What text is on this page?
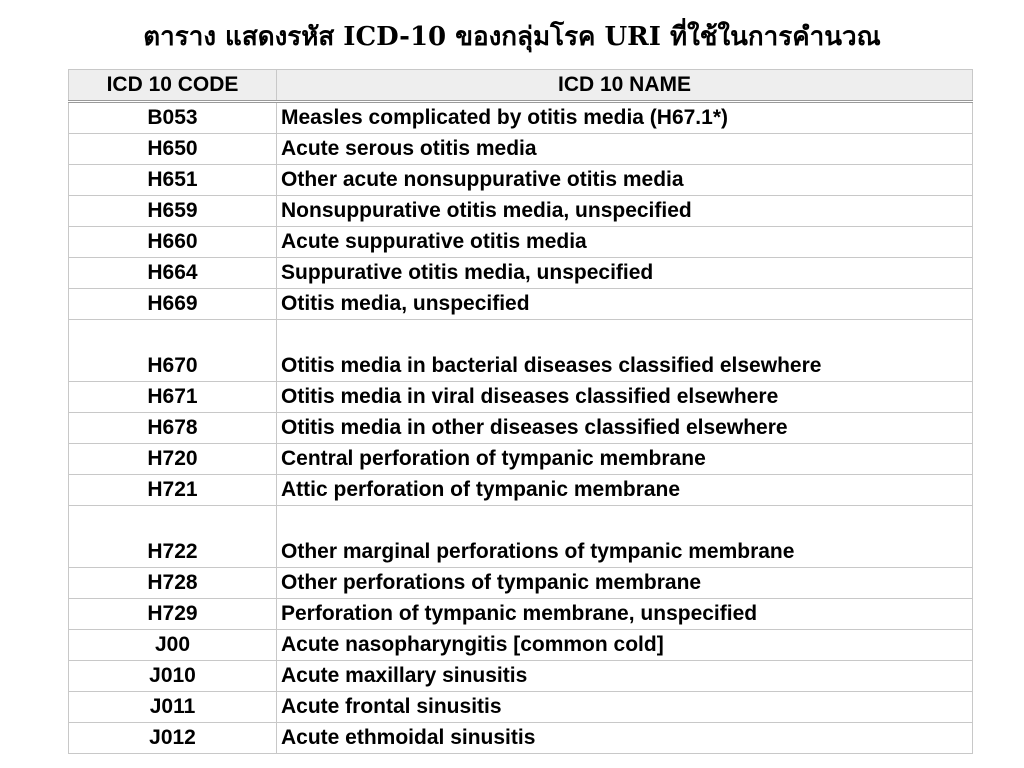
ตาราง แสดงรหัส ICD-10 ของกลุ่มโรค URI ที่ใช้ในการคำนวณ
ICD 10 CODE	ICD 10 NAME
B053	Measles complicated by otitis media (H67.1*)
H650	Acute serous otitis media
H651	Other acute nonsuppurative otitis media
H659	Nonsuppurative otitis media, unspecified
H660	Acute suppurative otitis media
H664	Suppurative otitis media, unspecified
H669	Otitis media, unspecified
H670	Otitis media in bacterial diseases classified elsewhere
H671	Otitis media in viral diseases classified elsewhere
H678	Otitis media in other diseases classified elsewhere
H720	Central perforation of tympanic membrane
H721	Attic perforation of tympanic membrane
H722	Other marginal perforations of tympanic membrane
H728	Other perforations of tympanic membrane
H729	Perforation of tympanic membrane, unspecified
J00	Acute nasopharyngitis [common cold]
J010	Acute maxillary sinusitis
J011	Acute frontal sinusitis
J012	Acute ethmoidal sinusitis
